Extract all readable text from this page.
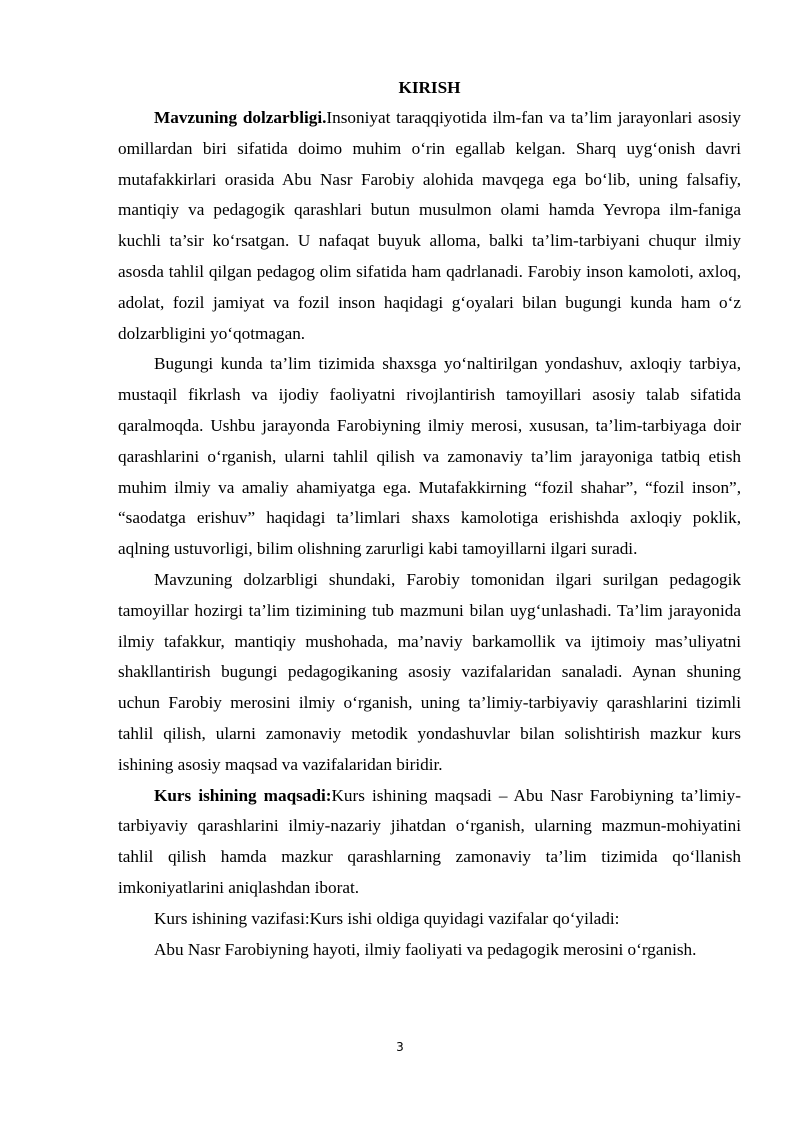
KIRISH

Mavzuning dolzarbligi.Insoniyat taraqqiyotida ilm-fan va ta’lim jarayonlari asosiy omillardan biri sifatida doimo muhim o‘rin egallab kelgan. Sharq uyg‘onish davri mutafakkirlari orasida Abu Nasr Farobiy alohida mavqega ega bo‘lib, uning falsafiy, mantiqiy va pedagogik qarashlari butun musulmon olami hamda Yevropa ilm-faniga kuchli ta’sir ko‘rsatgan. U nafaqat buyuk alloma, balki ta’lim-tarbiyani chuqur ilmiy asosda tahlil qilgan pedagog olim sifatida ham qadrlanadi. Farobiy inson kamoloti, axloq, adolat, fozil jamiyat va fozil inson haqidagi g‘oyalari bilan bugungi kunda ham o‘z dolzarbligini yo‘qotmagan.

Bugungi kunda ta’lim tizimida shaxsga yo‘naltirilgan yondashuv, axloqiy tarbiya, mustaqil fikrlash va ijodiy faoliyatni rivojlantirish tamoyillari asosiy talab sifatida qaralmoqda. Ushbu jarayonda Farobiyning ilmiy merosi, xususan, ta’lim-tarbiyaga doir qarashlarini o‘rganish, ularni tahlil qilish va zamonaviy ta’lim jarayoniga tatbiq etish muhim ilmiy va amaliy ahamiyatga ega. Mutafakkirning “fozil shahar”, “fozil inson”, “saodatga erishuv” haqidagi ta’limlari shaxs kamolotiga erishishda axloqiy poklik, aqlning ustuvorligi, bilim olishning zarurligi kabi tamoyillarni ilgari suradi.

Mavzuning dolzarbligi shundaki, Farobiy tomonidan ilgari surilgan pedagogik tamoyillar hozirgi ta’lim tizimining tub mazmuni bilan uyg‘unlashadi. Ta’lim jarayonida ilmiy tafakkur, mantiqiy mushohada, ma’naviy barkamollik va ijtimoiy mas’uliyatni shakllantirish bugungi pedagogikaning asosiy vazifalaridan sanaladi. Aynan shuning uchun Farobiy merosini ilmiy o‘rganish, uning ta’limiy-tarbiyaviy qarashlarini tizimli tahlil qilish, ularni zamonaviy metodik yondashuvlar bilan solishtirish mazkur kurs ishining asosiy maqsad va vazifalaridan biridir.

Kurs ishining maqsadi:Kurs ishining maqsadi – Abu Nasr Farobiyning ta’limiy-tarbiyaviy qarashlarini ilmiy-nazariy jihatdan o‘rganish, ularning mazmun-mohiyatini tahlil qilish hamda mazkur qarashlarning zamonaviy ta’lim tizimida qo‘llanish imkoniyatlarini aniqlashdan iborat.

Kurs ishining vazifasi:Kurs ishi oldiga quyidagi vazifalar qo‘yiladi:

Abu Nasr Farobiyning hayoti, ilmiy faoliyati va pedagogik merosini o‘rganish.

3
